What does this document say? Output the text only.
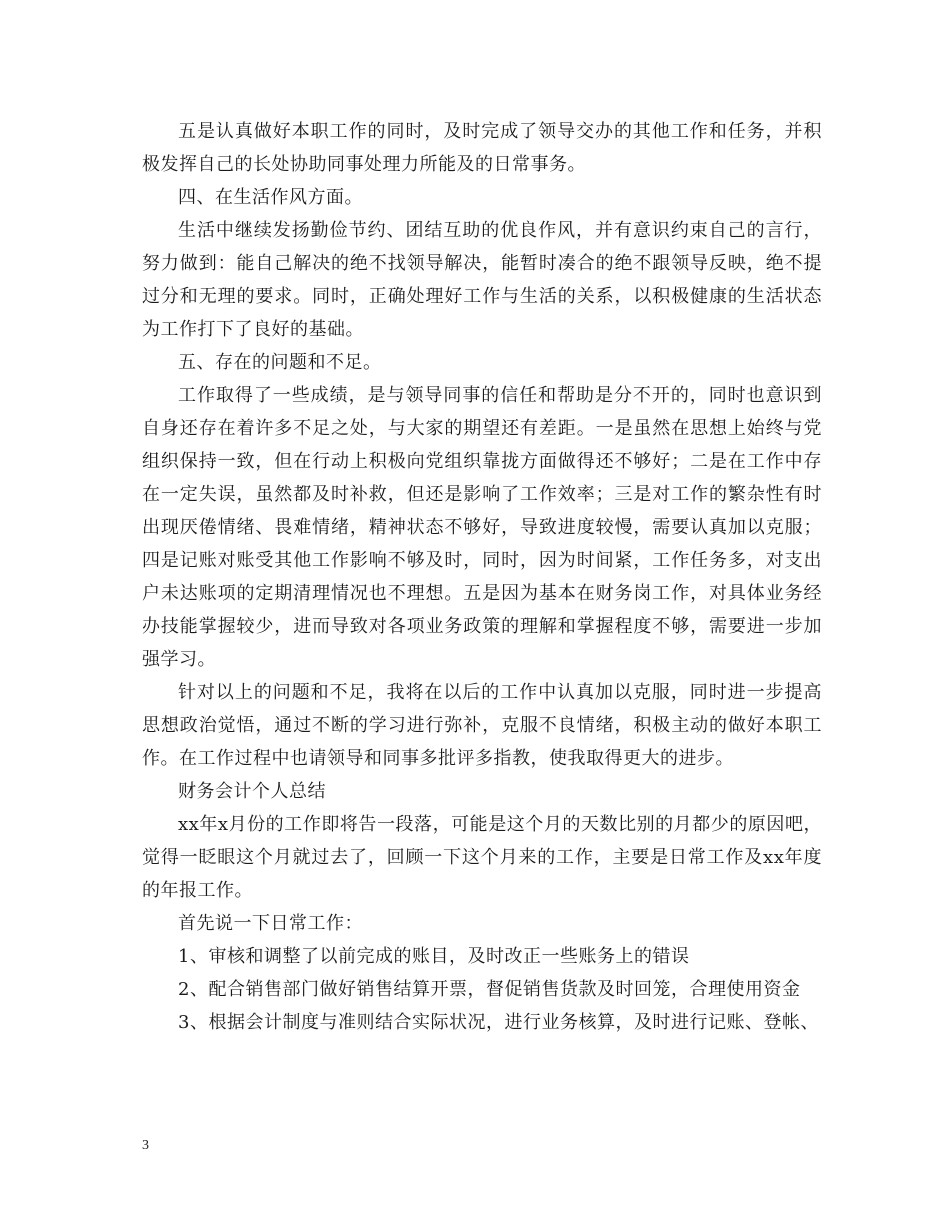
五是认真做好本职工作的同时，及时完成了领导交办的其他工作和任务，并积极发挥自己的长处协助同事处理力所能及的日常事务。

四、在生活作风方面。

生活中继续发扬勤俭节约、团结互助的优良作风，并有意识约束自己的言行，努力做到：能自己解决的绝不找领导解决，能暂时凑合的绝不跟领导反映，绝不提过分和无理的要求。同时，正确处理好工作与生活的关系，以积极健康的生活状态为工作打下了良好的基础。

五、存在的问题和不足。

工作取得了一些成绩，是与领导同事的信任和帮助是分不开的，同时也意识到自身还存在着许多不足之处，与大家的期望还有差距。一是虽然在思想上始终与党组织保持一致，但在行动上积极向党组织靠拢方面做得还不够好；二是在工作中存在一定失误，虽然都及时补救，但还是影响了工作效率；三是对工作的繁杂性有时出现厌倦情绪、畏难情绪，精神状态不够好，导致进度较慢，需要认真加以克服；四是记账对账受其他工作影响不够及时，同时，因为时间紧，工作任务多，对支出户未达账项的定期清理情况也不理想。五是因为基本在财务岗工作，对具体业务经办技能掌握较少，进而导致对各项业务政策的理解和掌握程度不够，需要进一步加强学习。

针对以上的问题和不足，我将在以后的工作中认真加以克服，同时进一步提高思想政治觉悟，通过不断的学习进行弥补，克服不良情绪，积极主动的做好本职工作。在工作过程中也请领导和同事多批评多指教，使我取得更大的进步。

财务会计个人总结

xx年x月份的工作即将告一段落，可能是这个月的天数比别的月都少的原因吧，觉得一眨眼这个月就过去了，回顾一下这个月来的工作，主要是日常工作及xx年度的年报工作。

首先说一下日常工作：

1、审核和调整了以前完成的账目，及时改正一些账务上的错误

2、配合销售部门做好销售结算开票，督促销售货款及时回笼，合理使用资金

3、根据会计制度与准则结合实际状况，进行业务核算，及时进行记账、登帐、

3
